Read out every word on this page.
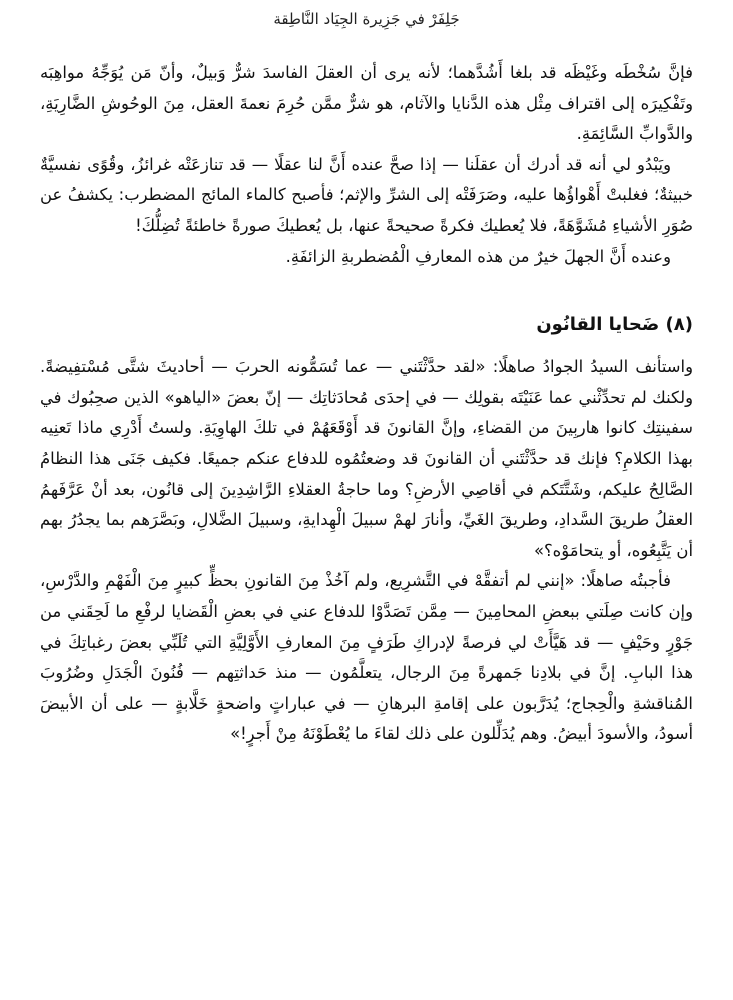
جَلِفَرْ في جَزِيرة الجِيَاد النَّاطِقة

فإنَّ سُخْطَه وغَيْظَه قد بلغا أَشُدَّهما؛ لأنه يرى أن العقلَ الفاسدَ شرٌّ وَبيلٌ، وأنّ مَن يُوَجِّهُ مواهِبَه وتَفْكِيرَه إلى اقتراف مِثْل هذه الدَّنايا والآثام، هو شرٌّ ممَّن حُرِمَ نعمةَ العقل، مِنَ الوحُوشِ الضَّارِيَةِ، والدَّوابِّ السَّائِمَةِ.

ويَبْدُو لي أنه قد أدرك أن عقلَنا — إذا صحَّ عنده أَنَّ لنا عقلًا — قد تنازعَتْه غرائزُ، وقُوًى نفسيَّةٌ خبيثةٌ؛ فغلبتْ أَهْواؤُها عليه، وصَرَفَتْه إلى الشرِّ والإثم؛ فأصبح كالماء المائج المضطرب: يكشفُ عن صُوَرِ الأشياءِ مُشَوَّهَةً، فلا يُعطيك فكرةً صحيحةً عنها، بل يُعطيكَ صورةً خاطئةً تُضِلُّكَ!

وعنده أَنَّ الجهلَ خيرٌ من هذه المعارفِ الْمُضطربةِ الزائفَةِ.

(٨) ضَحايا القانُون

واستأنف السيدُ الجوادُ صاهلًا: «لقد حدَّثْتَني — عما تُسَمُّونه الحربَ — أحاديثَ شتَّى مُسْتفِيضةً. ولكنك لم تحدِّثْني عما عَنَيْتَه بقولِك — في إحدَى مُحادَثاتِك — إنّ بعضَ «الياهو» الذين صحِبُوك في سفينتِك كانوا هاربِينَ من القضاءِ، وإنَّ القانونَ قد أَوْقَعَهُمْ في تلكَ الهاوِيَةِ. ولستُ أَدْرِي ماذا تَعنِيه بهذا الكلامِ؟ فإنك قد حدَّثْتَني أن القانونَ قد وضعتُمُوه للدفاع عنكم جميعًا. فكيف جَنَى هذا النظامُ الصَّالِحُ عليكم، وشَتَّتَكم في أقاصِي الأرضِ؟ وما حاجةُ العقلاءِ الرَّاشِدِينَ إلى قانُون، بعد أنْ عَرَّفَهمُ العقلُ طريقَ السَّدادِ، وطريقَ الغَيِّ، وأنارَ لهمْ سبيلَ الْهِدايةِ، وسبيلَ الضَّلالِ، وبَصَّرَهم بما يجدُرُ بهم أن يَتَّبِعُوه، أو يتحامَوْه؟»

فأجبتُه صاهلًا: «إنني لم أتفقَّهْ في التَّشرِيع، ولم آخُذْ مِنَ القانونِ بحظٍّ كبيرٍ مِنَ الْفَهْمِ والدَّرْسِ، وإن كانت صِلَتي ببعضِ المحامِينَ — مِمَّن تَصَدَّوْا للدفاع عني في بعضِ الْقَضايا لرفْعِ ما لَحِقَني من جَوْرٍ وحَيْفٍ — قد هَيَّأَتْ لي فرصةً لإدراكِ طَرَفٍ مِنَ المعارفِ الأَوَّلِيَّةِ التي تُلَبِّي بعضَ رغباتِكَ في هذا البابِ. إنَّ في بلادِنا جَمهرةً مِنَ الرجال، يتعلَّمُون — منذ حَداثتِهم — فُنُونَ الْجَدَلِ وضُرُوبَ المُناقشةِ والْحِجاج؛ يُدَرَّبون على إقامةِ البرهانِ — في عباراتٍ واضحةٍ خَلَّابةٍ — على أن الأبيضَ أسودُ، والأسودَ أبيضُ. وهم يُدَلِّلون على ذلك لقاءَ ما يُعْطَوْنَهُ مِنْ أَجرٍ!»
